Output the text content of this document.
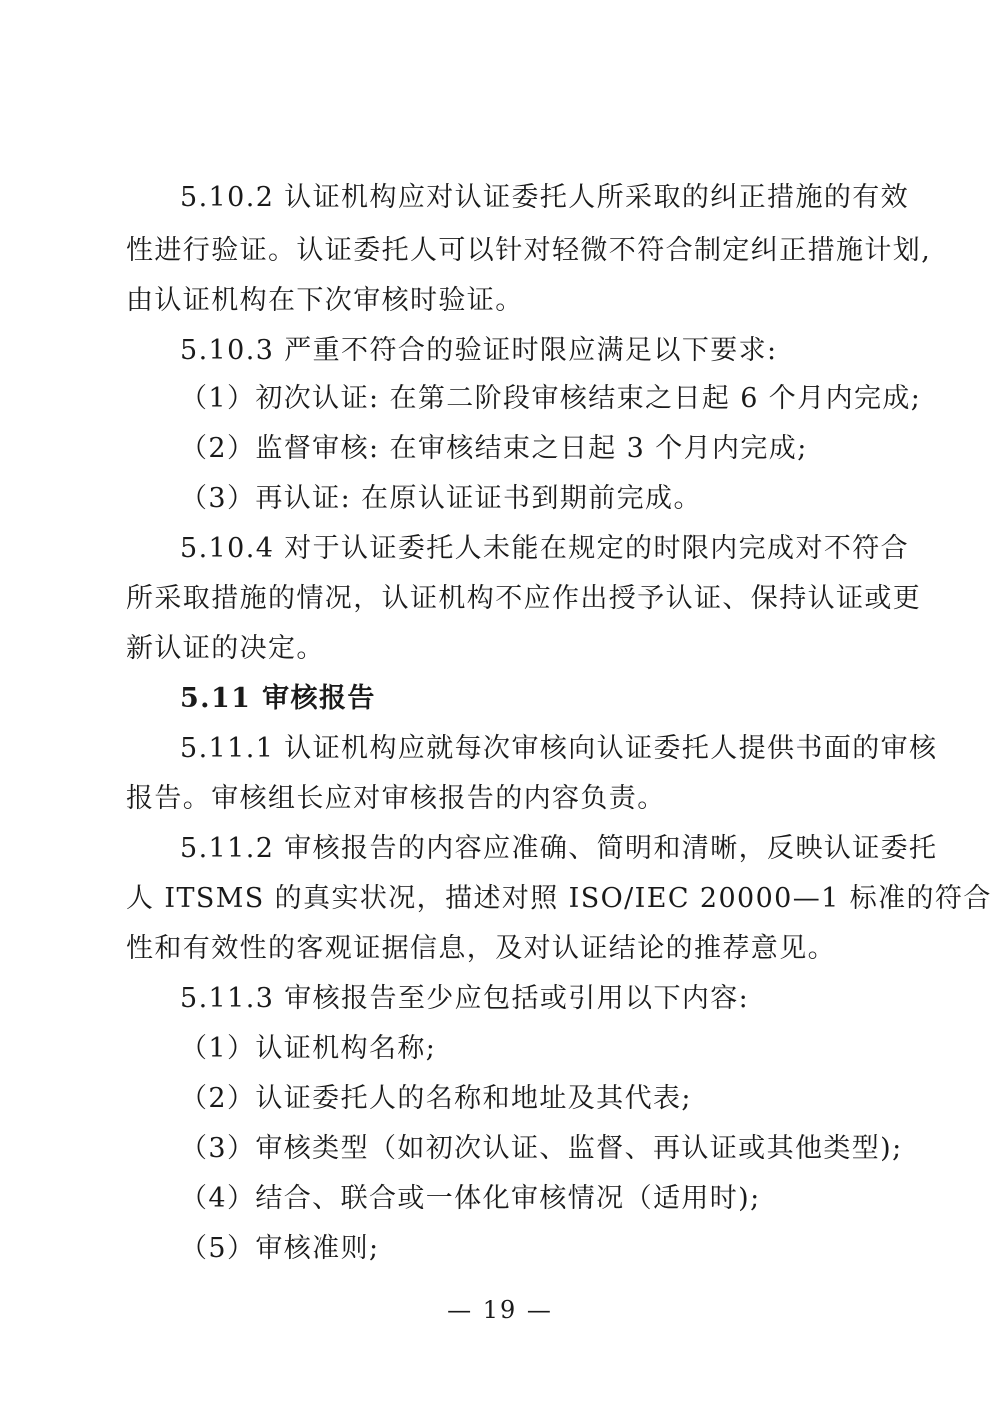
5.10.2 认证机构应对认证委托人所采取的纠正措施的有效
性进行验证。认证委托人可以针对轻微不符合制定纠正措施计划,
由认证机构在下次审核时验证。
5.10.3 严重不符合的验证时限应满足以下要求:
（1）初次认证: 在第二阶段审核结束之日起 6 个月内完成;
（2）监督审核: 在审核结束之日起 3 个月内完成;
（3）再认证: 在原认证证书到期前完成。
5.10.4 对于认证委托人未能在规定的时限内完成对不符合
所采取措施的情况，认证机构不应作出授予认证、保持认证或更
新认证的决定。
5.11 审核报告
5.11.1 认证机构应就每次审核向认证委托人提供书面的审核
报告。审核组长应对审核报告的内容负责。
5.11.2 审核报告的内容应准确、简明和清晰，反映认证委托
人 ITSMS 的真实状况，描述对照 ISO/IEC 20000—1 标准的符合
性和有效性的客观证据信息，及对认证结论的推荐意见。
5.11.3 审核报告至少应包括或引用以下内容:
（1）认证机构名称;
（2）认证委托人的名称和地址及其代表;
（3）审核类型（如初次认证、监督、再认证或其他类型);
（4）结合、联合或一体化审核情况（适用时);
（5）审核准则;
— 19 —
